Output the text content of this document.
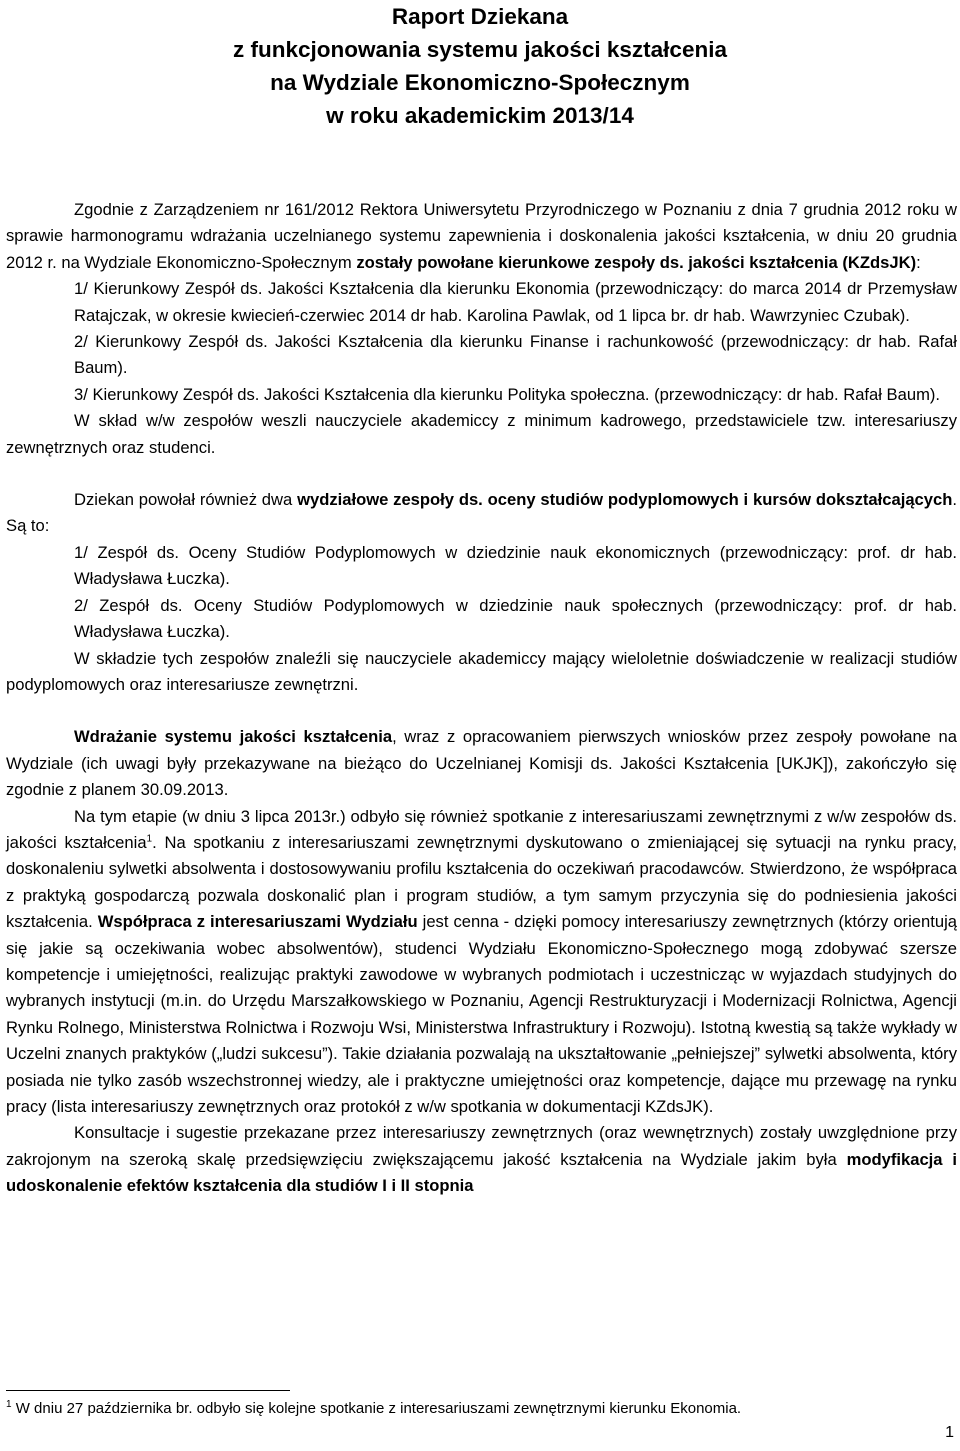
Raport Dziekana
z funkcjonowania systemu jakości kształcenia
na Wydziale Ekonomiczno-Społecznym
w roku akademickim 2013/14

Zgodnie z Zarządzeniem nr 161/2012 Rektora Uniwersytetu Przyrodniczego w Poznaniu z dnia 7 grudnia 2012 roku w sprawie harmonogramu wdrażania uczelnianego systemu zapewnienia i doskonalenia jakości kształcenia, w dniu 20 grudnia 2012 r. na Wydziale Ekonomiczno-Społecznym zostały powołane kierunkowe zespoły ds. jakości kształcenia (KZdsJK):

1/ Kierunkowy Zespół ds. Jakości Kształcenia dla kierunku Ekonomia (przewodniczący: do marca 2014 dr Przemysław Ratajczak, w okresie kwiecień-czerwiec 2014 dr hab. Karolina Pawlak, od 1 lipca br. dr hab. Wawrzyniec Czubak).

2/ Kierunkowy Zespół ds. Jakości Kształcenia dla kierunku Finanse i rachunkowość (przewodniczący: dr hab. Rafał Baum).

3/ Kierunkowy Zespół ds. Jakości Kształcenia dla kierunku Polityka społeczna. (przewodniczący: dr hab. Rafał Baum).

W skład w/w zespołów weszli nauczyciele akademiccy z minimum kadrowego, przedstawiciele tzw. interesariuszy zewnętrznych oraz studenci.

Dziekan powołał również dwa wydziałowe zespoły ds. oceny studiów podyplomowych i kursów dokształcających. Są to:

1/ Zespół ds. Oceny Studiów Podyplomowych w dziedzinie nauk ekonomicznych (przewodniczący: prof. dr hab. Władysława Łuczka).

2/ Zespół ds. Oceny Studiów Podyplomowych w dziedzinie nauk społecznych (przewodniczący: prof. dr hab. Władysława Łuczka).

W składzie tych zespołów znaleźli się nauczyciele akademiccy mający wieloletnie doświadczenie w realizacji studiów podyplomowych oraz interesariusze zewnętrzni.

Wdrażanie systemu jakości kształcenia, wraz z opracowaniem pierwszych wniosków przez zespoły powołane na Wydziale (ich uwagi były przekazywane na bieżąco do Uczelnianej Komisji ds. Jakości Kształcenia [UKJK]), zakończyło się zgodnie z planem 30.09.2013.

Na tym etapie (w dniu 3 lipca 2013r.) odbyło się również spotkanie z interesariuszami zewnętrznymi z w/w zespołów ds. jakości kształcenia$^1$. Na spotkaniu z interesariuszami zewnętrznymi dyskutowano o zmieniającej się sytuacji na rynku pracy, doskonaleniu sylwetki absolwenta i dostosowywaniu profilu kształcenia do oczekiwań pracodawców. Stwierdzono, że współpraca z praktyką gospodarczą pozwala doskonalić plan i program studiów, a tym samym przyczynia się do podniesienia jakości kształcenia. Współpraca z interesariuszami Wydziału jest cenna - dzięki pomocy interesariuszy zewnętrznych (którzy orientują się jakie są oczekiwania wobec absolwentów), studenci Wydziału Ekonomiczno-Społecznego mogą zdobywać szersze kompetencje i umiejętności, realizując praktyki zawodowe w wybranych podmiotach i uczestnicząc w wyjazdach studyjnych do wybranych instytucji (m.in. do Urzędu Marszałkowskiego w Poznaniu, Agencji Restrukturyzacji i Modernizacji Rolnictwa, Agencji Rynku Rolnego, Ministerstwa Rolnictwa i Rozwoju Wsi, Ministerstwa Infrastruktury i Rozwoju). Istotną kwestią są także wykłady w Uczelni znanych praktyków („ludzi sukcesu”). Takie działania pozwalają na ukształtowanie „pełniejszej” sylwetki absolwenta, który posiada nie tylko zasób wszechstronnej wiedzy, ale i praktyczne umiejętności oraz kompetencje, dające mu przewagę na rynku pracy (lista interesariuszy zewnętrznych oraz protokół z w/w spotkania w dokumentacji KZdsJK).

Konsultacje i sugestie przekazane przez interesariuszy zewnętrznych (oraz wewnętrznych) zostały uwzględnione przy zakrojonym na szeroką skalę przedsięwzięciu zwiększającemu jakość kształcenia na Wydziale jakim była modyfikacja i udoskonalenie efektów kształcenia dla studiów I i II stopnia

$^1$ W dniu 27 października br. odbyło się kolejne spotkanie z interesariuszami zewnętrznymi kierunku Ekonomia.
1
